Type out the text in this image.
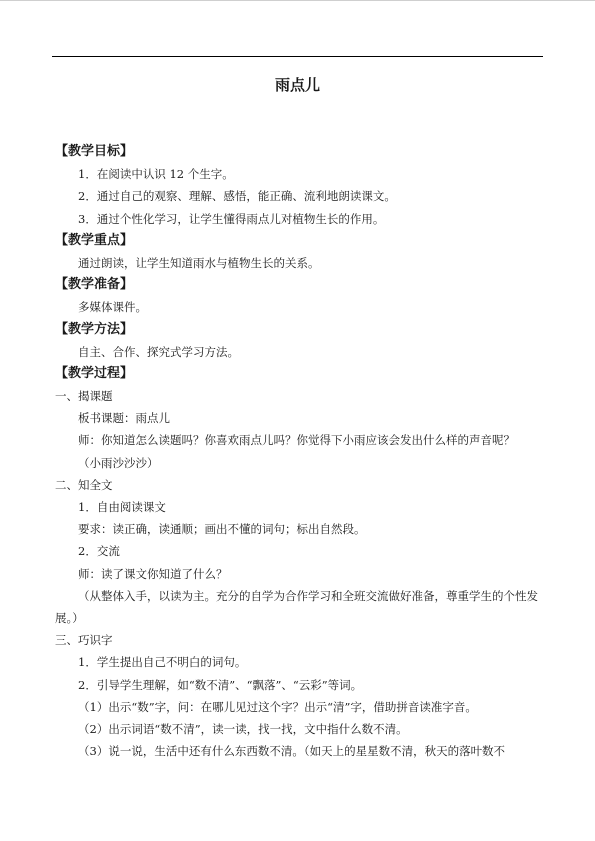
雨点儿
【教学目标】
1．在阅读中认识 12 个生字。
2．通过自己的观察、理解、感悟，能正确、流利地朗读课文。
3．通过个性化学习，让学生懂得雨点儿对植物生长的作用。
【教学重点】
通过朗读，让学生知道雨水与植物生长的关系。
【教学准备】
多媒体课件。
【教学方法】
自主、合作、探究式学习方法。
【教学过程】
一、揭课题
板书课题：雨点儿
师：你知道怎么读题吗？你喜欢雨点儿吗？你觉得下小雨应该会发出什么样的声音呢？
（小雨沙沙沙）
二、知全文
1．自由阅读课文
要求：读正确，读通顺；画出不懂的词句；标出自然段。
2．交流
师：读了课文你知道了什么？
（从整体入手，以读为主。充分的自学为合作学习和全班交流做好准备，尊重学生的个性发展。）
三、巧识字
1．学生提出自己不明白的词句。
2．引导学生理解，如“数不清”、“飘落”、“云彩”等词。
（1）出示“数”字，问：在哪儿见过这个字？出示“清”字，借助拼音读准字音。
（2）出示词语“数不清”，读一读，找一找，文中指什么数不清。
（3）说一说，生活中还有什么东西数不清。（如天上的星星数不清，秋天的落叶数不
